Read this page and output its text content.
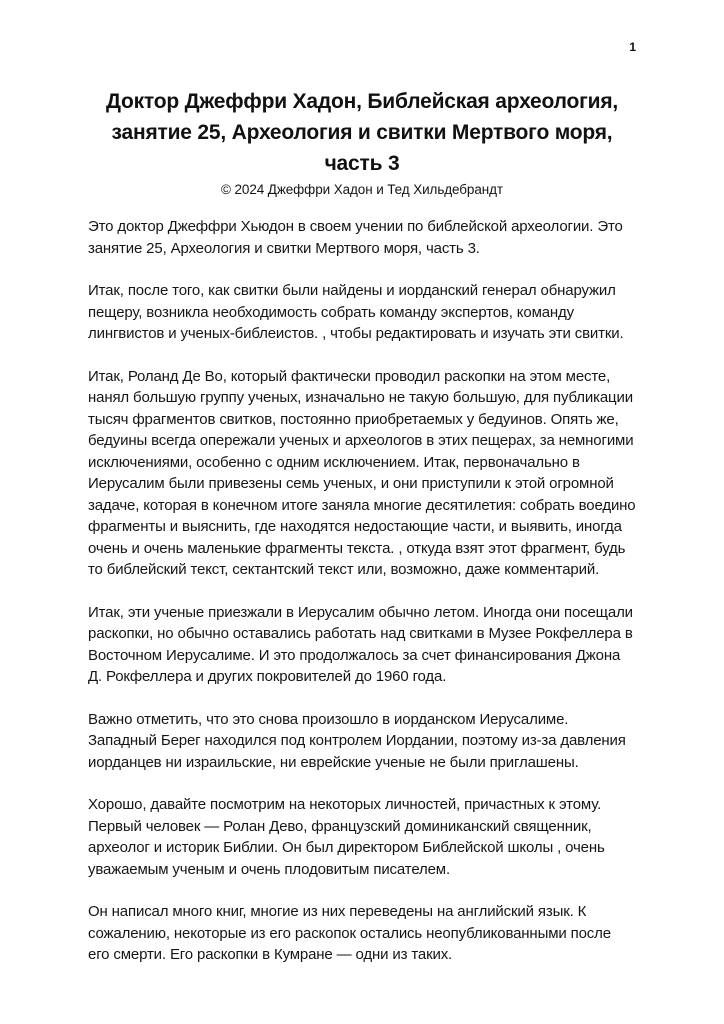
1
Доктор Джеффри Хадон, Библейская археология,
занятие 25, Археология и свитки Мертвого моря,
часть 3
© 2024 Джеффри Хадон и Тед Хильдебрандт

Это доктор Джеффри Хьюдон в своем учении по библейской археологии. Это занятие 25, Археология и свитки Мертвого моря, часть 3.

Итак, после того, как свитки были найдены и иорданский генерал обнаружил пещеру, возникла необходимость собрать команду экспертов, команду лингвистов и ученых-библеистов. , чтобы редактировать и изучать эти свитки.

Итак, Роланд Де Во, который фактически проводил раскопки на этом месте, нанял большую группу ученых, изначально не такую большую, для публикации тысяч фрагментов свитков, постоянно приобретаемых у бедуинов. Опять же, бедуины всегда опережали ученых и археологов в этих пещерах, за немногими исключениями, особенно с одним исключением. Итак, первоначально в Иерусалим были привезены семь ученых, и они приступили к этой огромной задаче, которая в конечном итоге заняла многие десятилетия: собрать воедино фрагменты и выяснить, где находятся недостающие части, и выявить, иногда очень и очень маленькие фрагменты текста. , откуда взят этот фрагмент, будь то библейский текст, сектантский текст или, возможно, даже комментарий.

Итак, эти ученые приезжали в Иерусалим обычно летом. Иногда они посещали раскопки, но обычно оставались работать над свитками в Музее Рокфеллера в Восточном Иерусалиме. И это продолжалось за счет финансирования Джона Д. Рокфеллера и других покровителей до 1960 года.

Важно отметить, что это снова произошло в иорданском Иерусалиме. Западный Берег находился под контролем Иордании, поэтому из-за давления иорданцев ни израильские, ни еврейские ученые не были приглашены.

Хорошо, давайте посмотрим на некоторых личностей, причастных к этому. Первый человек — Ролан Дево, французский доминиканский священник, археолог и историк Библии. Он был директором Библейской школы , очень уважаемым ученым и очень плодовитым писателем.

Он написал много книг, многие из них переведены на английский язык. К сожалению, некоторые из его раскопок остались неопубликованными после его смерти. Его раскопки в Кумране — одни из таких.
